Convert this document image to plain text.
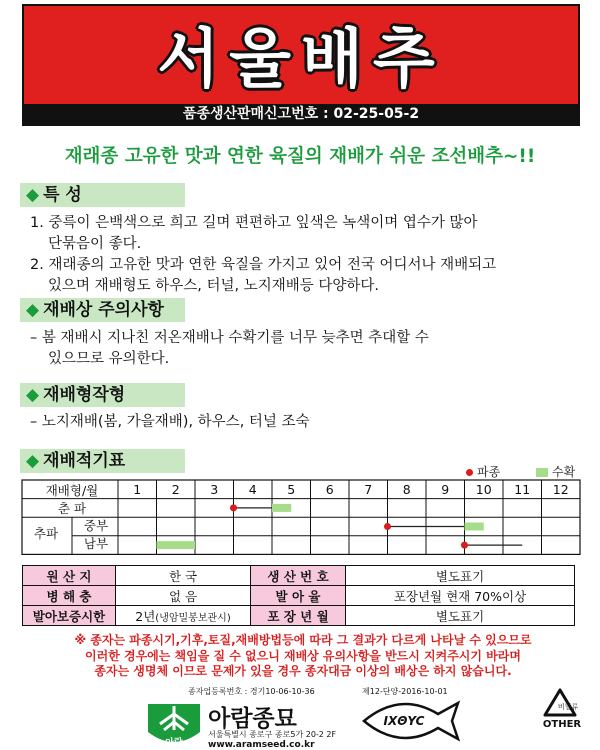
서울배추
품종생산판매신고번호 : 02-25-05-2
재래종 고유한 맛과 연한 육질의 재배가 쉬운 조선배추~!!
◆ 특 성
1. 중륵이 은백색으로 희고 길며 편편하고 잎색은 녹색이며 엽수가 많아
단묶음이 좋다.
2. 재래종의 고유한 맛과 연한 육질을 가지고 있어 전국 어디서나 재배되고
있으며 재배형도 하우스, 터널, 노지재배등 다양하다.
◆ 재배상 주의사항
– 봄 재배시 지나친 저온재배나 수확기를 너무 늦추면 추대할 수
있으므로 유의한다.
◆ 재배형작형
– 노지재배(봄, 가을재배), 하우스, 터널 조숙
◆ 재배적기표
파종	수확
재배형/월	1 2 3 4 5 6 7 8 9 10 11 12
춘 파
추파
중부
남부
원 산 지	한 국	생 산 번 호	별도표기
병 해 충	없 음	발 아 율	포장년월 현재 70%이상
발아보증시한	2년(냉암밀봉보관시)	포 장 년 월	별도표기
※ 종자는 파종시기,기후,토질,재배방법등에 따라 그 결과가 다르게 나타날 수 있으므로
이러한 경우에는 책임을 질 수 없으니 재배상 유의사항을 반드시 지켜주시기 바라며
종자는 생명체 이므로 문제가 있을 경우 종자대금 이상의 배상은 하지 않습니다.
종자업등록번호 : 경기10-06-10-36	제12-단양-2016-10-01
아람
아람종묘
서울특별시 종로구 종로5가 20-2 2F
www.aramseed.co.kr
IXΘYC
비닐류
OTHER
